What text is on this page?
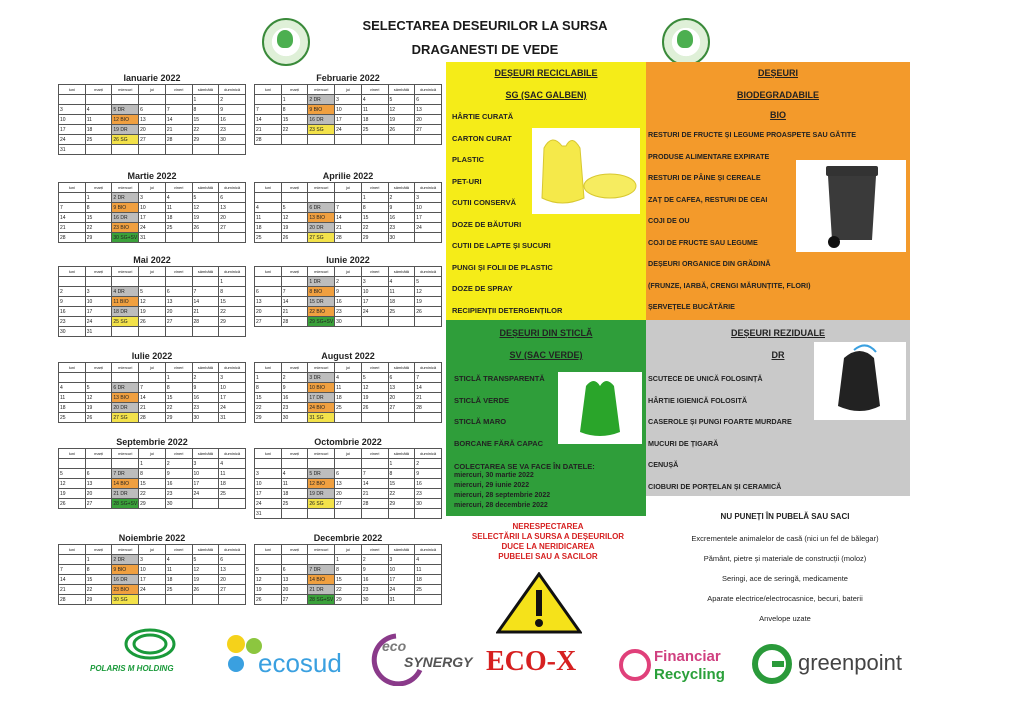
SELECTAREA DESEURILOR LA SURSA
DRAGANESTI DE VEDE
Ianuarie 2022
luni	marți	miercuri	joi	vineri	sâmbătă	duminică
					1	2
3	4	5 DR	6	7	8	9
10	11	12 BIO	13	14	15	16
17	18	19 DR	20	21	22	23
24	25	26 SG	27	28	29	30
31						
Februarie 2022
luni	marți	miercuri	joi	vineri	sâmbătă	duminică
	1	2 DR	3	4	5	6
7	8	9 BIO	10	11	12	13
14	15	16 DR	17	18	19	20
21	22	23 SG	24	25	26	27
28						
Martie 2022
luni	marți	miercuri	joi	vineri	sâmbătă	duminică
	1	2 DR	3	4	5	6
7	8	9 BIO	10	11	12	13
14	15	16 DR	17	18	19	20
21	22	23 BIO	24	25	26	27
28	29	30 SG+SV	31			
Aprilie 2022
luni	marți	miercuri	joi	vineri	sâmbătă	duminică
				1	2	3
4	5	6 DR	7	8	9	10
11	12	13 BIO	14	15	16	17
18	19	20 DR	21	22	23	24
25	26	27 SG	28	29	30	
Mai 2022
luni	marți	miercuri	joi	vineri	sâmbătă	duminică
						1
2	3	4 DR	5	6	7	8
9	10	11 BIO	12	13	14	15
16	17	18 DR	19	20	21	22
23	24	25 SG	26	27	28	29
30	31					
Iunie 2022
luni	marți	miercuri	joi	vineri	sâmbătă	duminică
		1 DR	2	3	4	5
6	7	8 BIO	9	10	11	12
13	14	15 DR	16	17	18	19
20	21	22 BIO	23	24	25	26
27	28	29 SG+SV	30			
Iulie 2022
luni	marți	miercuri	joi	vineri	sâmbătă	duminică
				1	2	3
4	5	6 DR	7	8	9	10
11	12	13 BIO	14	15	16	17
18	19	20 DR	21	22	23	24
25	26	27 SG	28	29	30	31
August 2022
luni	marți	miercuri	joi	vineri	sâmbătă	duminică
1	2	3 DR	4	5	6	7
8	9	10 BIO	11	12	13	14
15	16	17 DR	18	19	20	21
22	23	24 BIO	25	26	27	28
29	30	31 SG				
Septembrie 2022
luni	marți	miercuri	joi	vineri	sâmbătă	duminică
			1	2	3	4
5	6	7 DR	8	9	10	11
12	13	14 BIO	15	16	17	18
19	20	21 DR	22	23	24	25
26	27	28 SG+SV	29	30		
Octombrie 2022
luni	marți	miercuri	joi	vineri	sâmbătă	duminică
					1	2
3	4	5 DR	6	7	8	9
10	11	12 BIO	13	14	15	16
17	18	19 DR	20	21	22	23
24	25	26 SG	27	28	29	30
31						
Noiembrie 2022
luni	marți	miercuri	joi	vineri	sâmbătă	duminică
	1	2 DR	3	4	5	6
7	8	9 BIO	10	11	12	13
14	15	16 DR	17	18	19	20
21	22	23 BIO	24	25	26	27
28	29	30 SG				
Decembrie 2022
luni	marți	miercuri	joi	vineri	sâmbătă	duminică
			1	2	3	4
5	6	7 DR	8	9	10	11
12	13	14 BIO	15	16	17	18
19	20	21 DR	22	23	24	25
26	27	28 SG+SV	29	30	31	
DEȘEURI RECICLABILE
SG (SAC GALBEN)
HÂRTIE CURATĂ
CARTON CURAT
PLASTIC
PET-URI
CUTII CONSERVĂ
DOZE DE BĂUTURI
CUTII DE LAPTE ȘI SUCURI
PUNGI ȘI FOLII DE PLASTIC
DOZE DE SPRAY
RECIPIENȚII DETERGENȚILOR
DEȘEURI
BIODEGRADABILE
BIO
RESTURI DE FRUCTE ȘI LEGUME PROASPETE SAU GĂTITE
PRODUSE ALIMENTARE EXPIRATE
RESTURI DE PÂINE ȘI CEREALE
ZAȚ DE CAFEA, RESTURI DE CEAI
COJI DE OU
COJI DE FRUCTE SAU LEGUME
DEȘEURI ORGANICE DIN GRĂDINĂ
(FRUNZE, IARBĂ, CRENGI MĂRUNȚITE, FLORI)
ȘERVEȚELE BUCĂTĂRIE
DEȘEURI DIN STICLĂ
SV (SAC VERDE)
STICLĂ TRANSPARENTĂ
STICLĂ VERDE
STICLĂ MARO
BORCANE FĂRĂ CAPAC
COLECTAREA SE VA FACE ÎN DATELE:
miercuri, 30 martie 2022
miercuri, 29 iunie 2022
miercuri, 28 septembrie 2022
miercuri, 28 decembrie 2022
DEȘEURI REZIDUALE
DR
SCUTECE DE UNICĂ FOLOSINȚĂ
HÂRTIE IGIENICĂ FOLOSITĂ
CASEROLE ȘI PUNGI FOARTE MURDARE
MUCURI DE ȚIGARĂ
CENUȘĂ
CIOBURI DE PORȚELAN ȘI CERAMICĂ
NERESPECTAREA
SELECTĂRII LA SURSA A DEȘEURILOR
DUCE LA NERIDICAREA
PUBELEI SAU A SACILOR
NU PUNEȚI ÎN PUBELĂ SAU SACI
Excrementele animalelor de casă (nici un fel de bălegar)
Pământ, pietre și materiale de construcții (moloz)
Seringi, ace de seringă, medicamente
Aparate electrice/electrocasnice, becuri, baterii
Anvelope uzate
POLARIS M HOLDING	ecosud
eco
SYNERGY ECO-X	Financiar
Recycling	greenpoint
